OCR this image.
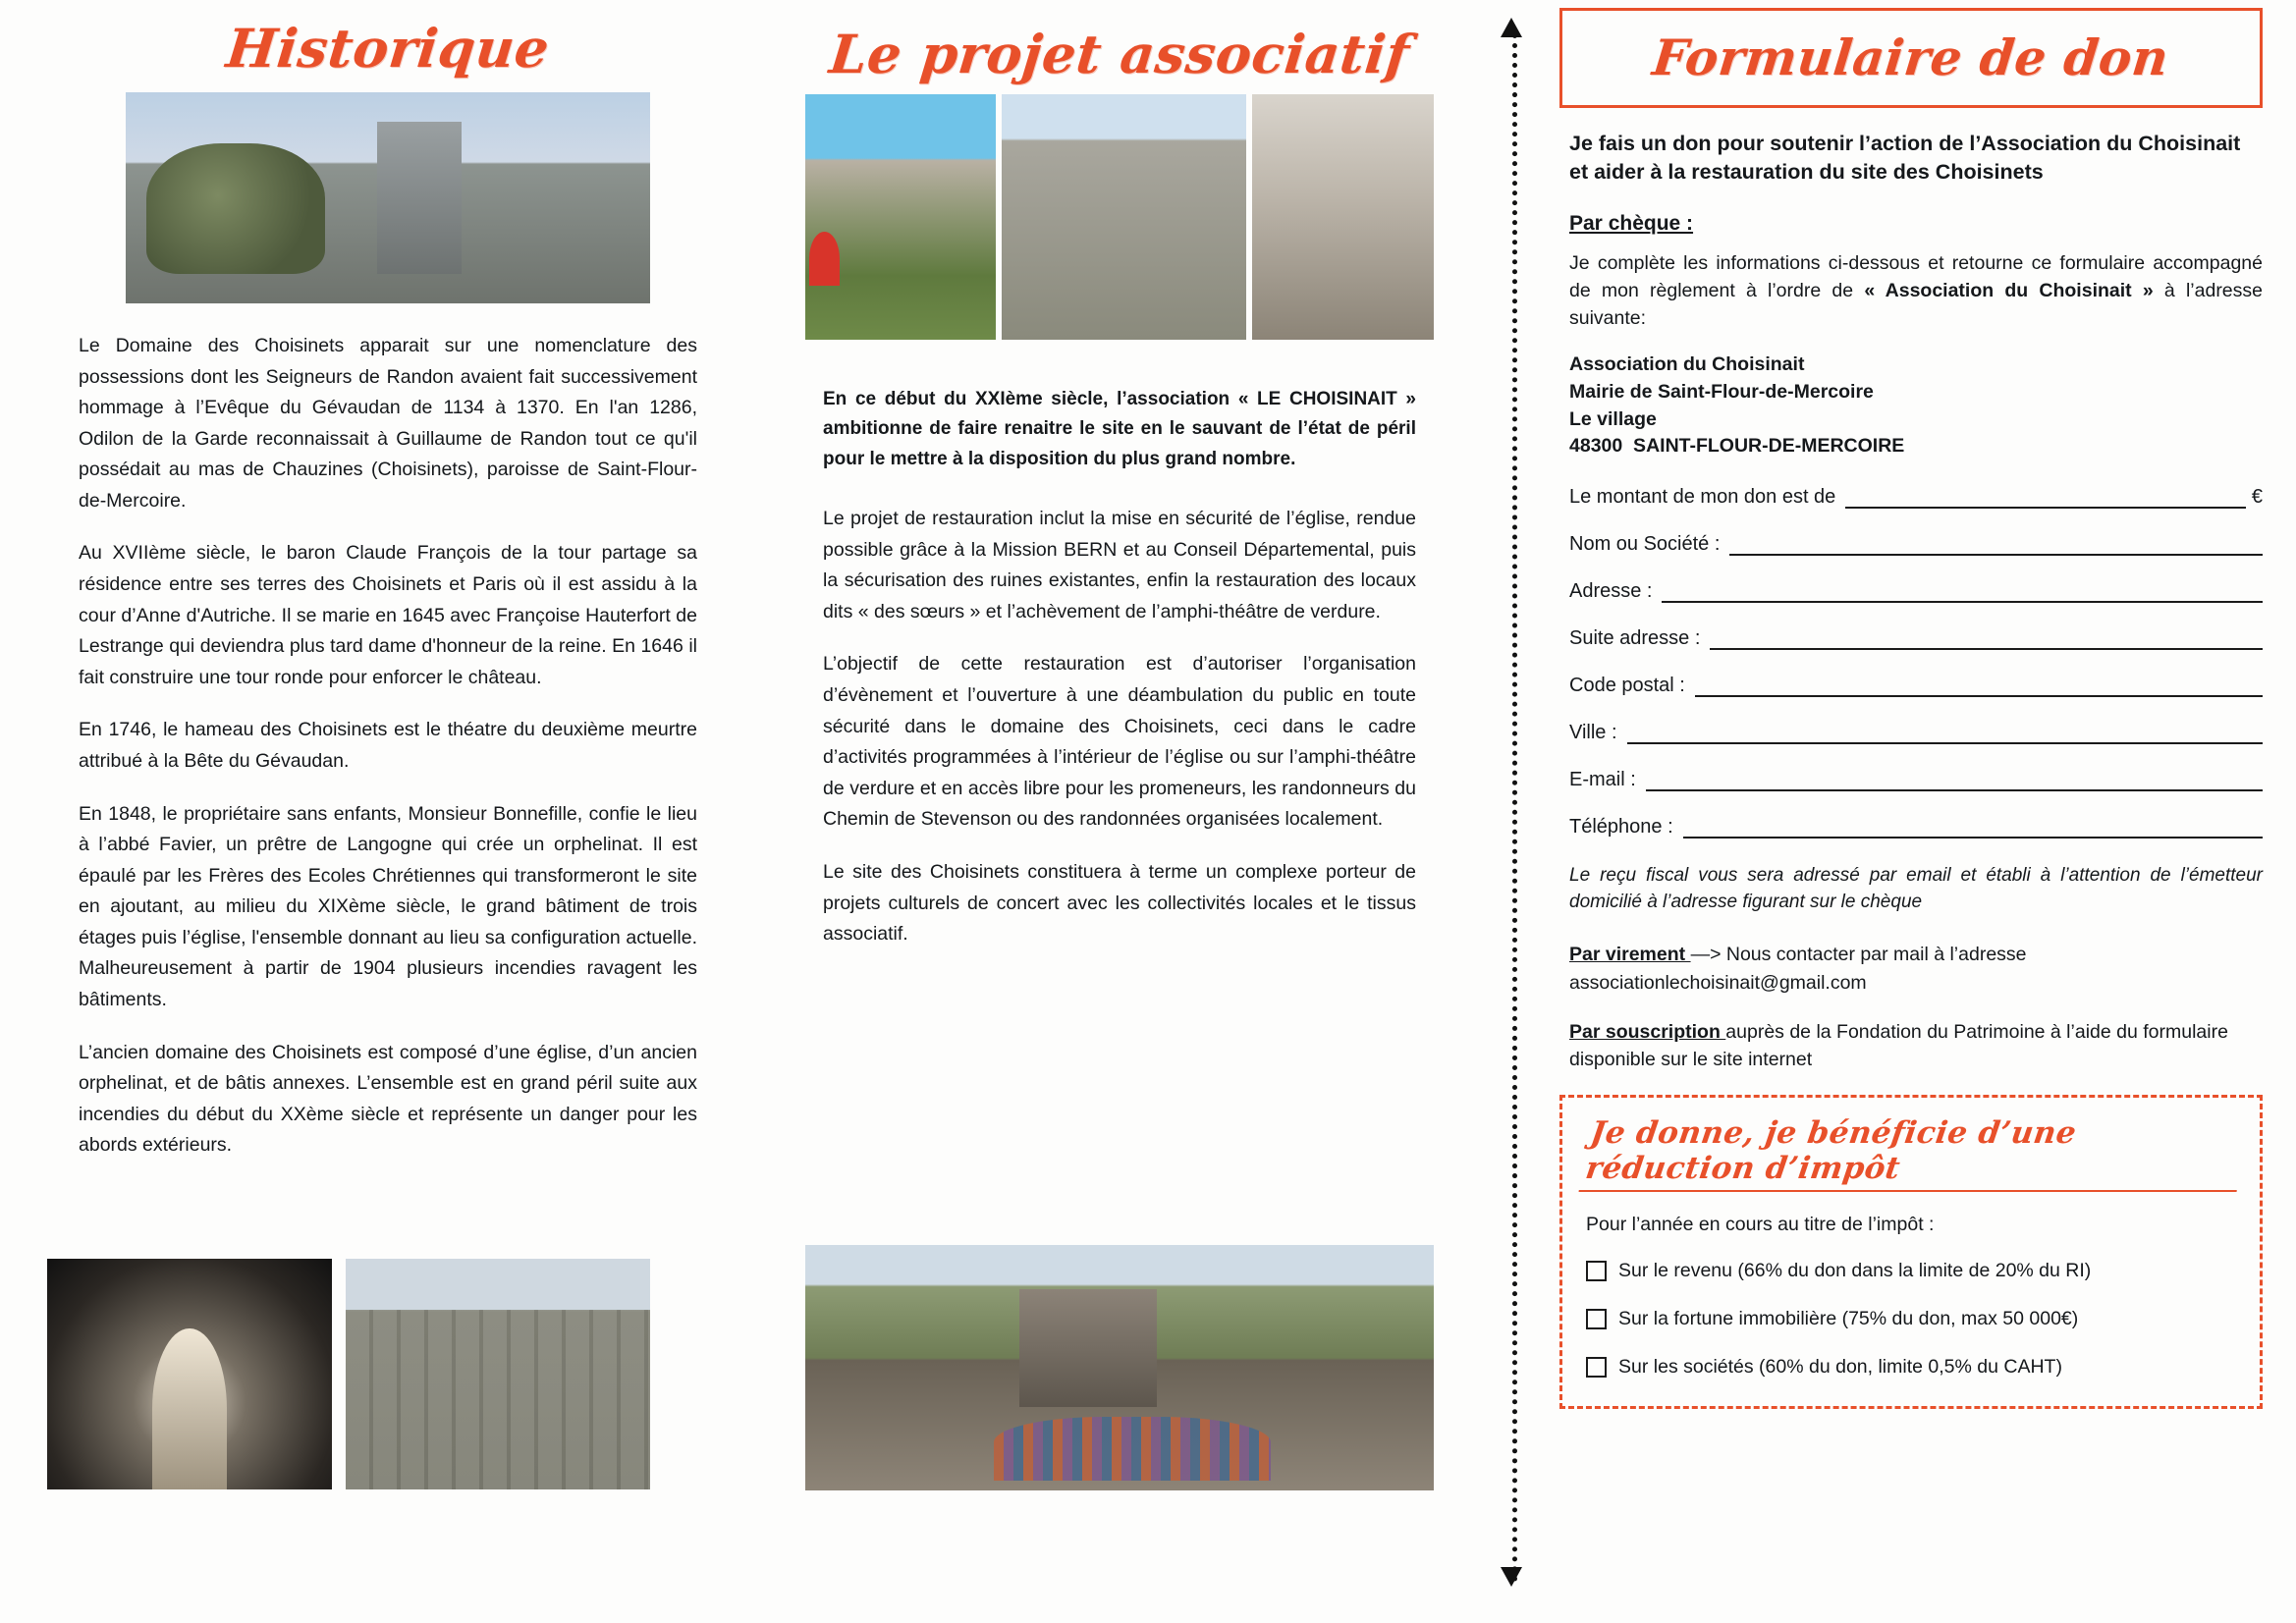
Historique

Le Domaine des Choisinets apparait sur une nomenclature des possessions dont les Seigneurs de Randon avaient fait successivement hommage à l’Evêque du Gévaudan de 1134 à 1370. En l'an 1286, Odilon de la Garde reconnaissait à Guillaume de Randon tout ce qu'il possédait au mas de Chauzines (Choisinets), paroisse de Saint-Flour-de-Mercoire.

Au XVIIème siècle, le baron Claude François de la tour partage sa résidence entre ses terres des Choisinets et Paris où il est assidu à la cour d’Anne d'Autriche. Il se marie en 1645 avec Françoise Hauterfort de Lestrange qui deviendra plus tard dame d'honneur de la reine. En 1646 il fait construire une tour ronde pour enforcer le château.

En 1746, le hameau des Choisinets est le théatre du deuxième meurtre attribué à la Bête du Gévaudan.

En 1848, le propriétaire sans enfants, Monsieur Bonnefille, confie le lieu à l’abbé Favier, un prêtre de Langogne qui crée un orphelinat. Il est épaulé par les Frères des Ecoles Chrétiennes qui transformeront le site en ajoutant, au milieu du XIXème siècle, le grand bâtiment de trois étages puis l’église, l'ensemble donnant au lieu sa configuration actuelle. Malheureusement à partir de 1904 plusieurs incendies ravagent les bâtiments.

L’ancien domaine des Choisinets est composé d’une église, d’un ancien orphelinat, et de bâtis annexes. L’ensemble est en grand péril suite aux incendies du début du XXème siècle et représente un danger pour les abords extérieurs.

Le projet associatif

En ce début du XXIème siècle, l’association « LE CHOISINAIT » ambitionne de faire renaitre le site en le sauvant de l’état de péril pour le mettre à la disposition du plus grand nombre.

Le projet de restauration inclut la mise en sécurité de l’église, rendue possible grâce à la Mission BERN et au Conseil Départemental, puis la sécurisation des ruines existantes, enfin la restauration des locaux dits « des sœurs » et l’achèvement de l’amphi-théâtre de verdure.

L’objectif de cette restauration est d’autoriser l’organisation d’évènement et l’ouverture à une déambulation du public en toute sécurité dans le domaine des Choisinets, ceci dans le cadre d’activités programmées à l’intérieur de l’église ou sur l’amphi-théâtre de verdure et en accès libre pour les promeneurs, les randonneurs du Chemin de Stevenson ou des randonnées organisées localement.

Le site des Choisinets constituera à terme un complexe porteur de projets culturels de concert avec les collectivités locales et le tissus associatif.

Formulaire de don

Je fais un don pour soutenir l’action de l’Association du Choisinait et aider à la restauration du site des Choisinets

Par chèque :

Je complète les informations ci-dessous et retourne ce formulaire accompagné de mon règlement à l’ordre de « Association du Choisinait » à l’adresse suivante:

Association du Choisinait
Mairie de Saint-Flour-de-Mercoire
Le village
48300  SAINT-FLOUR-DE-MERCOIRE
Le montant de mon don est de	€
Nom ou Société :
Adresse :
Suite adresse :
Code postal :
Ville :
E-mail :
Téléphone :

Le reçu fiscal vous sera adressé par email et établi à l’attention de l’émetteur domicilié à l’adresse figurant sur le chèque

Par virement —> Nous contacter par mail à l’adresse associationlechoisinait@gmail.com

Par souscription auprès de la Fondation du Patrimoine à l’aide du formulaire disponible sur le site internet

Je donne, je bénéficie d’une réduction d’impôt

Pour l’année en cours au titre de l’impôt :

Sur le revenu (66% du don dans la limite de 20% du RI)
Sur la fortune immobilière (75% du don, max 50 000€)
Sur les sociétés (60% du don, limite 0,5% du CAHT)
